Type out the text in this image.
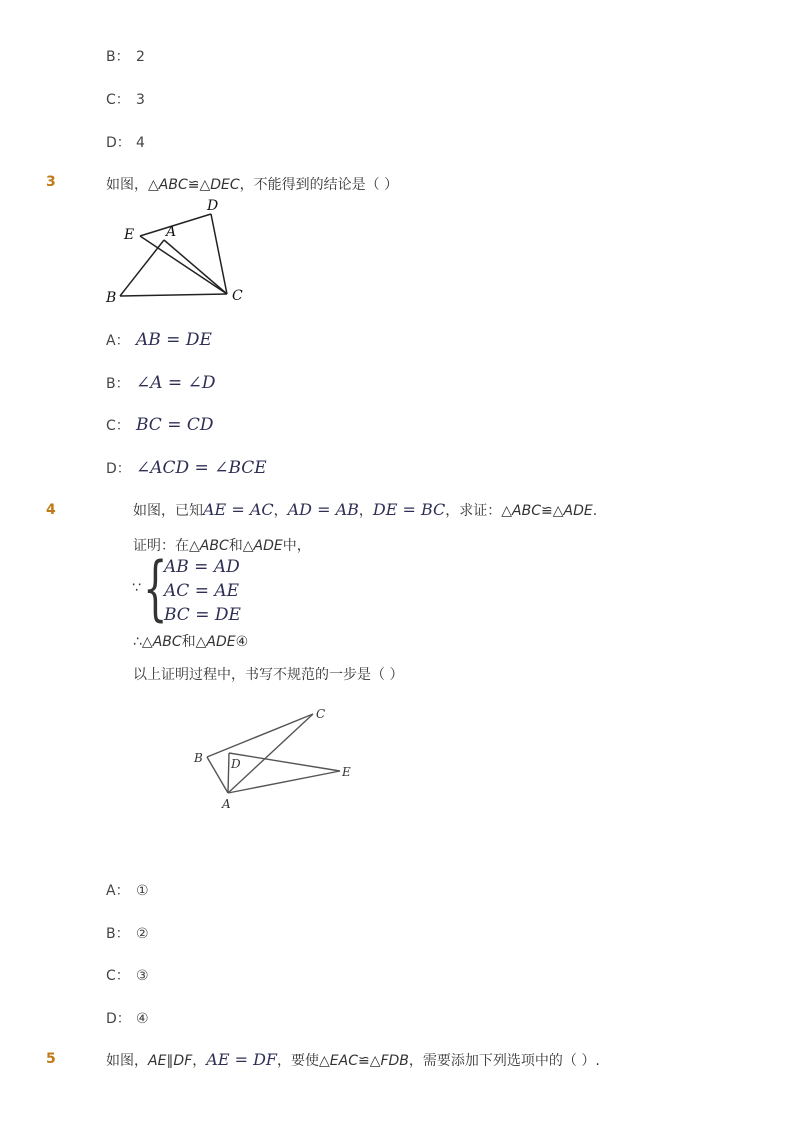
B： 2
C： 3
D： 4
3	如图，△ABC≌△DEC，不能得到的结论是（ ）
D
E A
B	C
A： AB = DE
B： ∠A = ∠D
C： BC = CD
D： ∠ACD = ∠BCE
4	如图，已知AE = AC，AD = AB，DE = BC，求证：△ABC≌△ADE.
证明：在△ABC和△ADE中，
∵ {
AB = AD
AC = AE
BC = DE
∴△ABC和△ADE④
以上证明过程中，书写不规范的一步是（ ）
C
B D
E
A
A： ①
B： ②
C： ③
D： ④
5	如图，AE∥DF，AE = DF，要使△EAC≌△FDB，需要添加下列选项中的（ ）.
